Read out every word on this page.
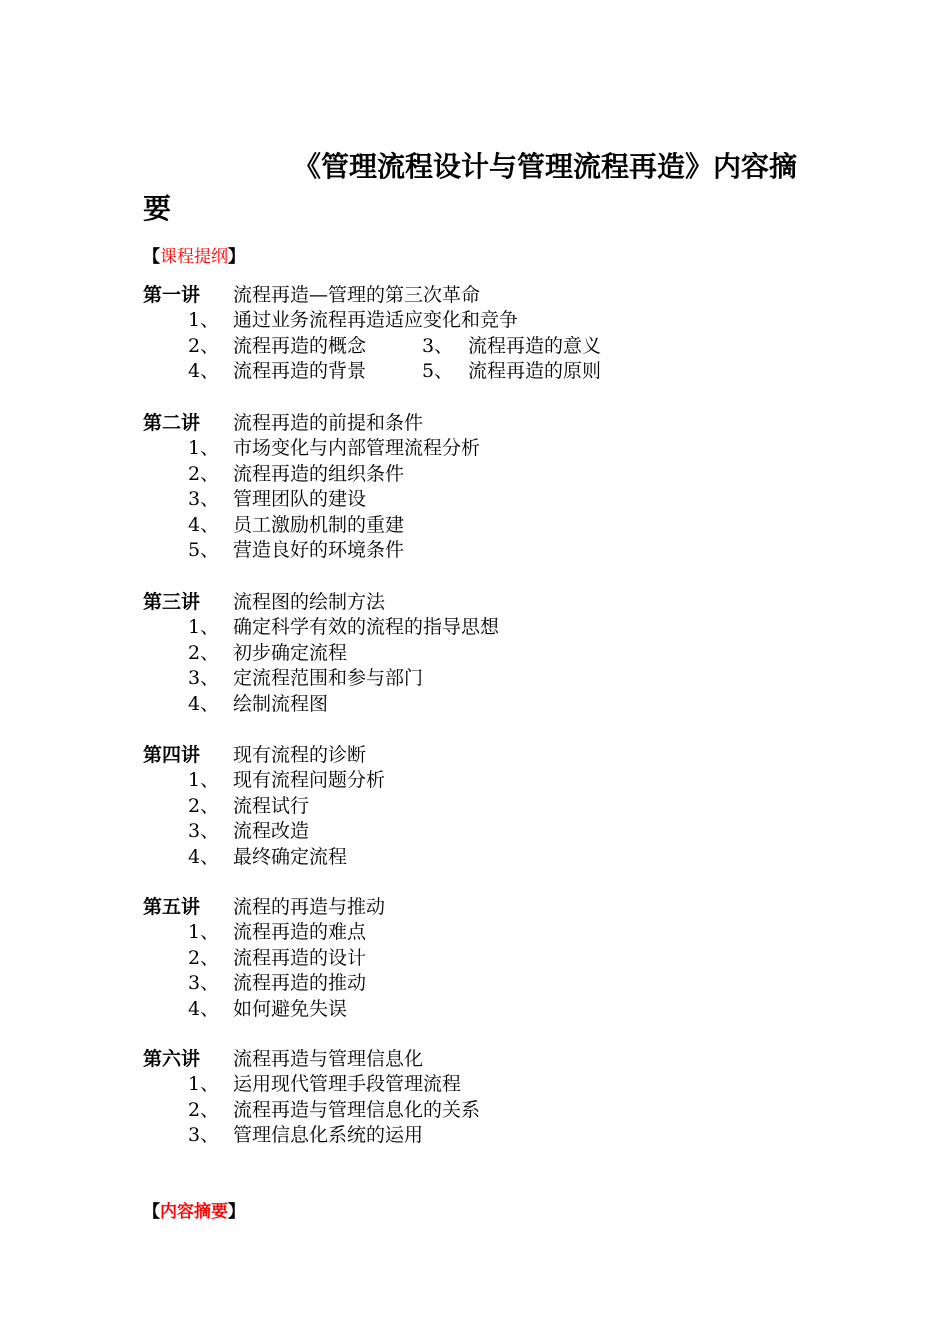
《管理流程设计与管理流程再造》内容摘要
【课程提纲】
第一讲 流程再造—管理的第三次革命
1、 通过业务流程再造适应变化和竞争
2、 流程再造的概念	3、 流程再造的意义
4、 流程再造的背景	5、 流程再造的原则
第二讲 流程再造的前提和条件
1、 市场变化与内部管理流程分析
2、 流程再造的组织条件
3、 管理团队的建设
4、 员工激励机制的重建
5、 营造良好的环境条件
第三讲 流程图的绘制方法
1、 确定科学有效的流程的指导思想
2、 初步确定流程
3、 定流程范围和参与部门
4、 绘制流程图
第四讲 现有流程的诊断
1、 现有流程问题分析
2、 流程试行
3、 流程改造
4、 最终确定流程
第五讲 流程的再造与推动
1、 流程再造的难点
2、 流程再造的设计
3、 流程再造的推动
4、 如何避免失误
第六讲 流程再造与管理信息化
1、 运用现代管理手段管理流程
2、 流程再造与管理信息化的关系
3、 管理信息化系统的运用
【内容摘要】
